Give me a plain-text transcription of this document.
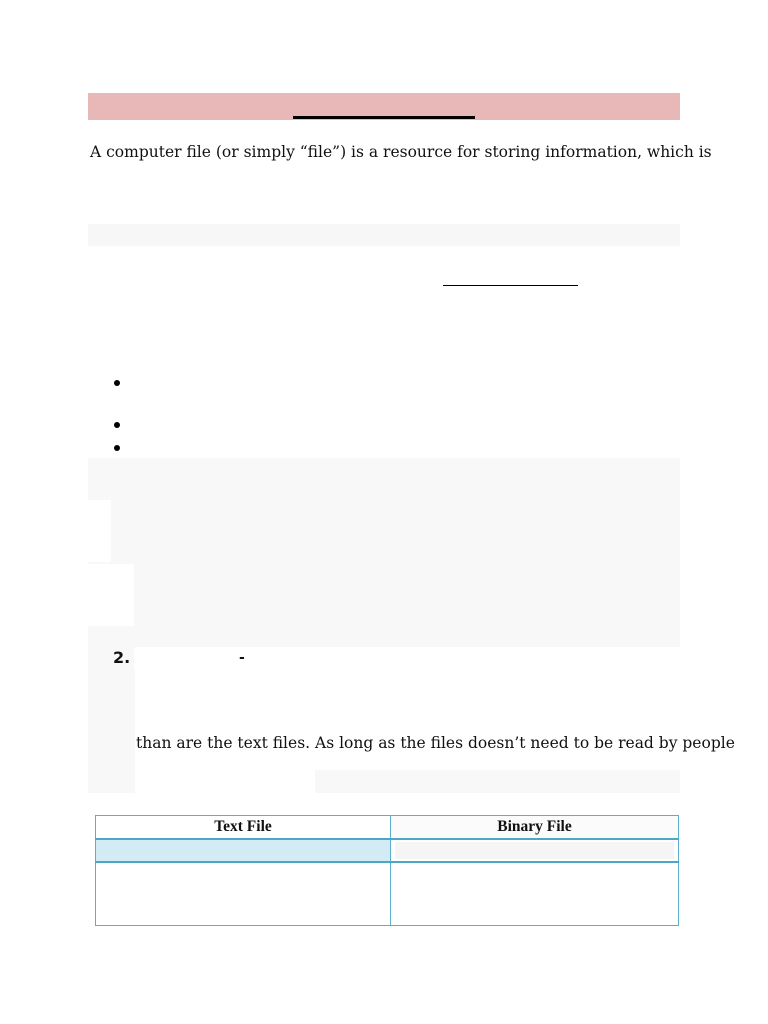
A computer file (or simply “file”) is a resource for storing information, which is
2.	-
than are the text files. As long as the files doesn’t need to be read by people
Text File	Binary File
